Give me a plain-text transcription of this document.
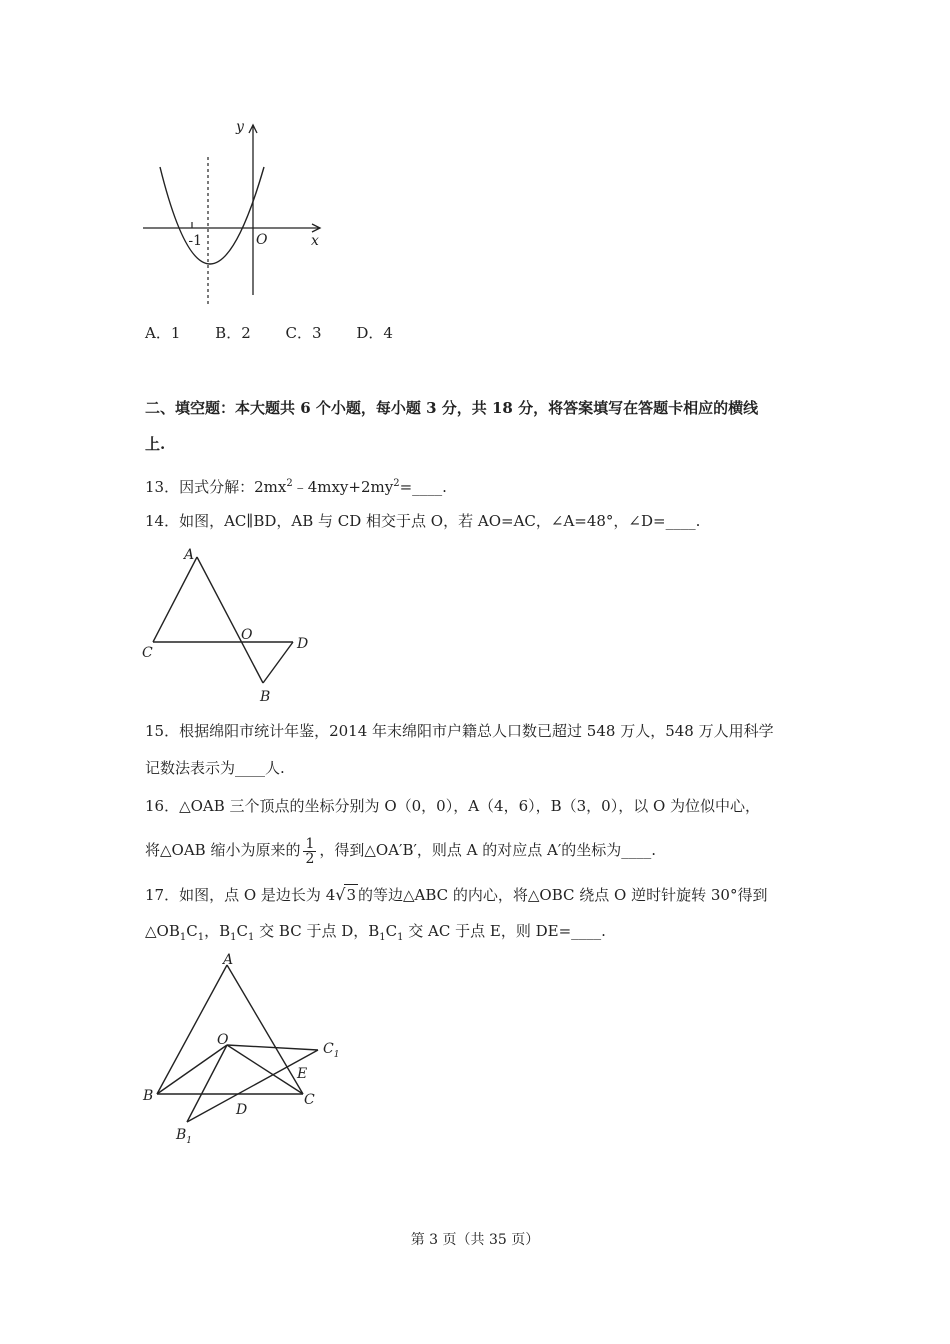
y
x
O
-1
A．1 B．2 C．3 D．4
二、填空题：本大题共 6 个小题，每小题 3 分，共 18 分，将答案填写在答题卡相应的横线
上.
13．因式分解：$2mx^2﹣4mxy+2my^2=\_\_\_\_$.
14．如图，AC∥BD，AB 与 CD 相交于点 O，若 AO=AC，∠A=48°，∠D=____.
A
C
O
D
B
15．根据绵阳市统计年鉴，2014 年末绵阳市户籍总人口数已超过 548 万人，548 万人用科学
记数法表示为____人.
16．△OAB 三个顶点的坐标分别为 O（0，0），A（4，6），B（3，0），以 O 为位似中心，
将△OAB 缩小为原来的 $\frac{1}{2}$ ，得到△OA′B′，则点 A 的对应点 A′的坐标为____.
17．如图，点 O 是边长为 4√3 的等边△ABC 的内心，将△OBC 绕点 O 逆时针旋转 30°得到
$\triangle OB_1C_1$，$B_1C_1$ 交 BC 于点 D，$B_1C_1$ 交 AC 于点 E，则 DE=____.
A
B	C
O
E
D
$C_1$
$B_1$
第 3 页（共 35 页）
